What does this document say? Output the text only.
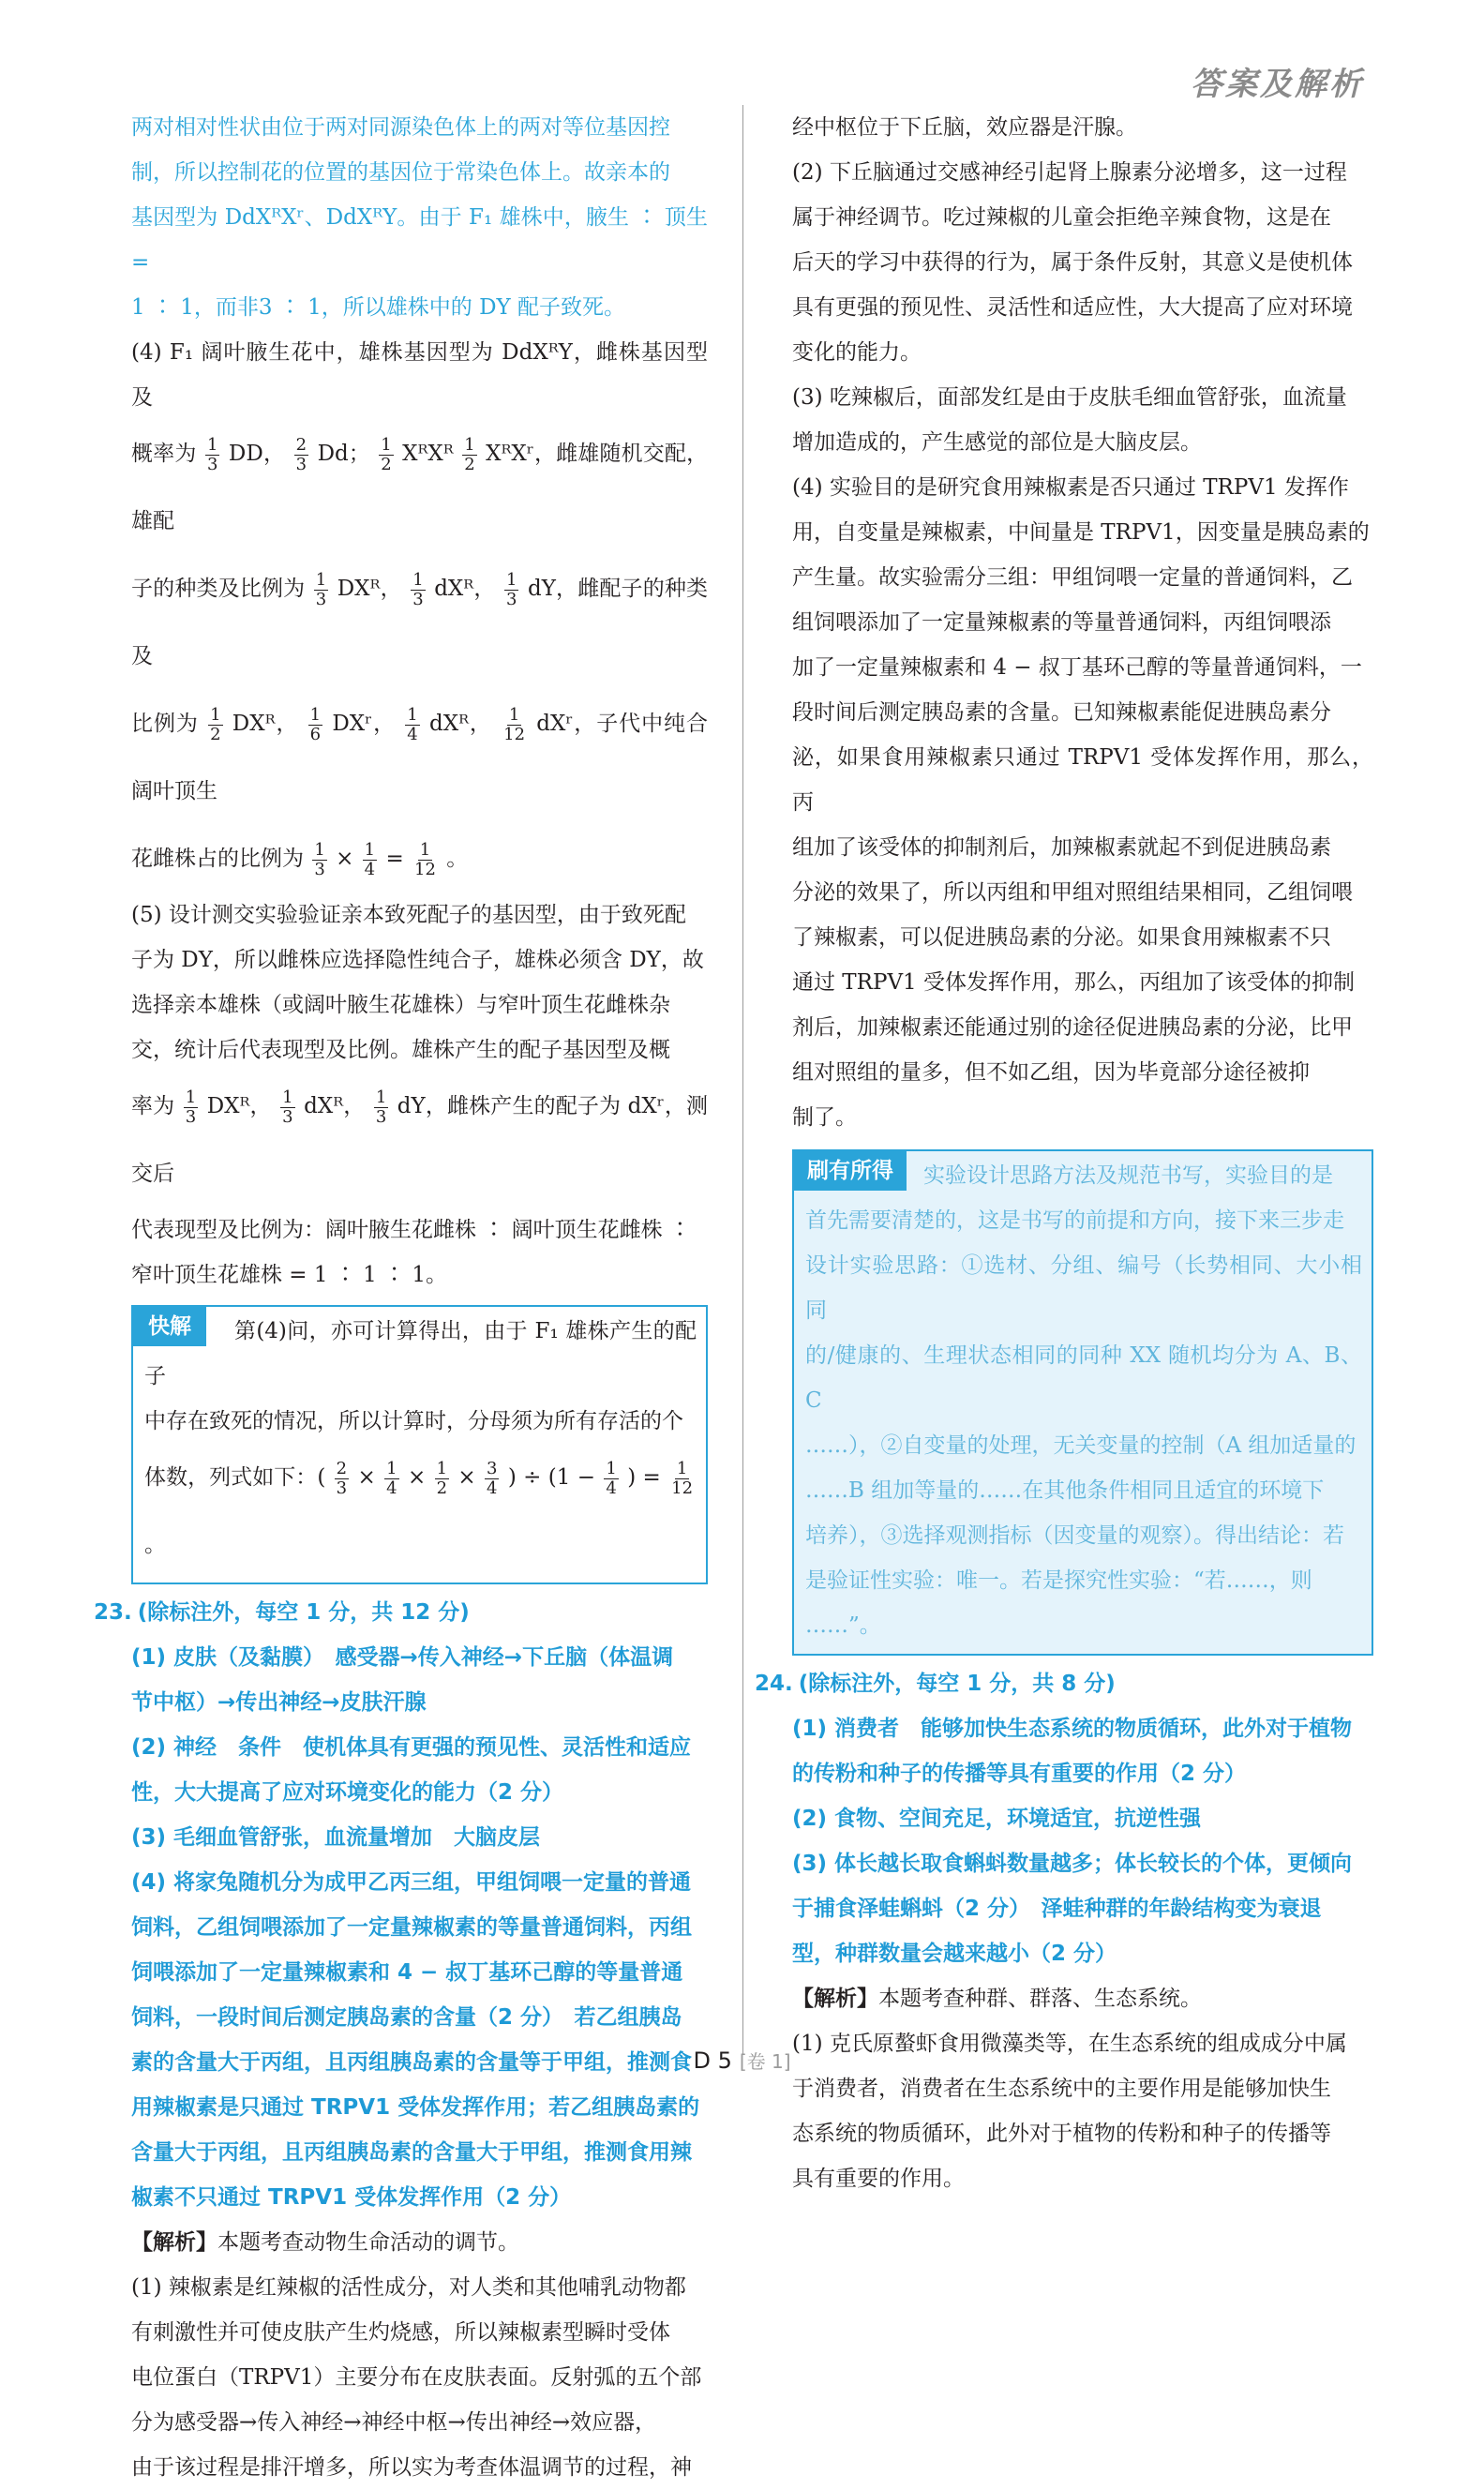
答案及解析

两对相对性状由位于两对同源染色体上的两对等位基因控

制，所以控制花的位置的基因位于常染色体上。故亲本的

基因型为 DdXᴿXʳ、DdXᴿY。由于 F₁ 雄株中，腋生 ∶ 顶生 =

1 ∶ 1，而非3 ∶ 1，所以雄株中的 DY 配子致死。

(4) F₁ 阔叶腋生花中，雄株基因型为 DdXᴿY，雌株基因型及

概率为 $\frac{1}{3}$ DD， $\frac{2}{3}$ Dd； $\frac{1}{2}$ XᴿXᴿ $\frac{1}{2}$ XᴿXʳ，雌雄随机交配，雄配

子的种类及比例为 $\frac{1}{3}$ DXᴿ， $\frac{1}{3}$ dXᴿ， $\frac{1}{3}$ dY，雌配子的种类及

比例为 $\frac{1}{2}$ DXᴿ， $\frac{1}{6}$ DXʳ， $\frac{1}{4}$ dXᴿ， $\frac{1}{12}$ dXʳ，子代中纯合阔叶顶生

花雌株占的比例为 $\frac{1}{3} \times \frac{1}{4} = \frac{1}{12}$ 。

(5) 设计测交实验验证亲本致死配子的基因型，由于致死配

子为 DY，所以雌株应选择隐性纯合子，雄株必须含 DY，故

选择亲本雄株（或阔叶腋生花雄株）与窄叶顶生花雌株杂

交，统计后代表现型及比例。雄株产生的配子基因型及概

率为 $\frac{1}{3}$ DXᴿ， $\frac{1}{3}$ dXᴿ， $\frac{1}{3}$ dY，雌株产生的配子为 dXʳ，测交后

代表现型及比例为：阔叶腋生花雌株 ∶ 阔叶顶生花雌株 ∶

窄叶顶生花雄株 = 1 ∶ 1 ∶ 1。

快解	第(4)问，亦可计算得出，由于 F₁ 雄株产生的配子

中存在致死的情况，所以计算时，分母须为所有存活的个

体数，列式如下：( $\frac{2}{3} \times \frac{1}{4} \times \frac{1}{2} \times \frac{3}{4}$ ) ÷ ($1 - \frac{1}{4}$ ) = $\frac{1}{12}$
。

23. (除标注外，每空 1 分，共 12 分)

(1) 皮肤（及黏膜）　感受器→传入神经→下丘脑（体温调

节中枢）→传出神经→皮肤汗腺

(2) 神经　条件　使机体具有更强的预见性、灵活性和适应

性，大大提高了应对环境变化的能力（2 分）

(3) 毛细血管舒张，血流量增加　大脑皮层

(4) 将家兔随机分为成甲乙丙三组，甲组饲喂一定量的普通

饲料，乙组饲喂添加了一定量辣椒素的等量普通饲料，丙组

饲喂添加了一定量辣椒素和 4 − 叔丁基环己醇的等量普通

饲料，一段时间后测定胰岛素的含量（2 分）　若乙组胰岛

素的含量大于丙组，且丙组胰岛素的含量等于甲组，推测食

用辣椒素是只通过 TRPV1 受体发挥作用；若乙组胰岛素的

含量大于丙组，且丙组胰岛素的含量大于甲组，推测食用辣

椒素不只通过 TRPV1 受体发挥作用（2 分）

【解析】本题考查动物生命活动的调节。

(1) 辣椒素是红辣椒的活性成分，对人类和其他哺乳动物都

有刺激性并可使皮肤产生灼烧感，所以辣椒素型瞬时受体

电位蛋白（TRPV1）主要分布在皮肤表面。反射弧的五个部

分为感受器→传入神经→神经中枢→传出神经→效应器，

由于该过程是排汗增多，所以实为考查体温调节的过程，神

经中枢位于下丘脑，效应器是汗腺。

(2) 下丘脑通过交感神经引起肾上腺素分泌增多，这一过程

属于神经调节。吃过辣椒的儿童会拒绝辛辣食物，这是在

后天的学习中获得的行为，属于条件反射，其意义是使机体

具有更强的预见性、灵活性和适应性，大大提高了应对环境

变化的能力。

(3) 吃辣椒后，面部发红是由于皮肤毛细血管舒张，血流量

增加造成的，产生感觉的部位是大脑皮层。

(4) 实验目的是研究食用辣椒素是否只通过 TRPV1 发挥作

用，自变量是辣椒素，中间量是 TRPV1，因变量是胰岛素的

产生量。故实验需分三组：甲组饲喂一定量的普通饲料，乙

组饲喂添加了一定量辣椒素的等量普通饲料，丙组饲喂添

加了一定量辣椒素和 4 − 叔丁基环己醇的等量普通饲料，一

段时间后测定胰岛素的含量。已知辣椒素能促进胰岛素分

泌，如果食用辣椒素只通过 TRPV1 受体发挥作用，那么，丙

组加了该受体的抑制剂后，加辣椒素就起不到促进胰岛素

分泌的效果了，所以丙组和甲组对照组结果相同，乙组饲喂

了辣椒素，可以促进胰岛素的分泌。如果食用辣椒素不只

通过 TRPV1 受体发挥作用，那么，丙组加了该受体的抑制

剂后，加辣椒素还能通过别的途径促进胰岛素的分泌，比甲

组对照组的量多，但不如乙组，因为毕竟部分途径被抑

制了。

刷有所得	实验设计思路方法及规范书写，实验目的是

首先需要清楚的，这是书写的前提和方向，接下来三步走

设计实验思路：①选材、分组、编号（长势相同、大小相同

的/健康的、生理状态相同的同种 XX 随机均分为 A、B、C

……），②自变量的处理，无关变量的控制（A 组加适量的

……B 组加等量的……在其他条件相同且适宜的环境下

培养），③选择观测指标（因变量的观察）。得出结论：若

是验证性实验：唯一。若是探究性实验：“若……，则

……”。

24. (除标注外，每空 1 分，共 8 分)

(1) 消费者　能够加快生态系统的物质循环，此外对于植物

的传粉和种子的传播等具有重要的作用（2 分）

(2) 食物、空间充足，环境适宜，抗逆性强

(3) 体长越长取食蝌蚪数量越多；体长较长的个体，更倾向

于捕食泽蛙蝌蚪（2 分）　泽蛙种群的年龄结构变为衰退

型，种群数量会越来越小（2 分）

【解析】本题考查种群、群落、生态系统。

(1) 克氏原螯虾食用微藻类等，在生态系统的组成成分中属

于消费者，消费者在生态系统中的主要作用是能够加快生

态系统的物质循环，此外对于植物的传粉和种子的传播等

具有重要的作用。

D 5 [卷 1]
